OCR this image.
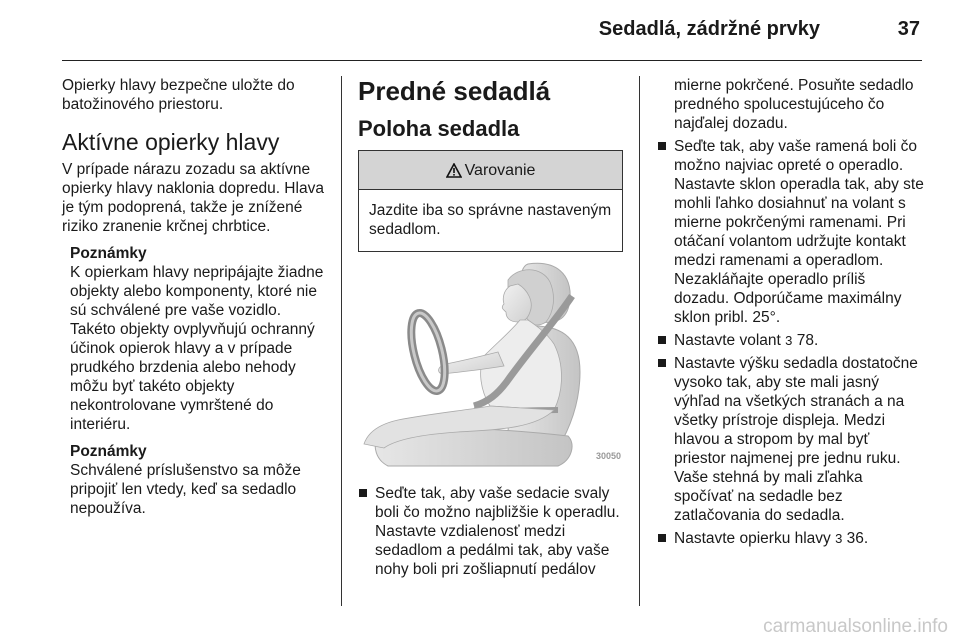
Sedadlá, zádržné prvky	37

Opierky hlavy bezpečne uložte do batožinového priestoru.

Aktívne opierky hlavy

V prípade nárazu zozadu sa aktívne opierky hlavy naklonia dopredu. Hlava je tým podoprená, takže je znížené riziko zranenie krčnej chrbtice.

Poznámky
K opierkam hlavy nepripájajte žiadne objekty alebo komponenty, ktoré nie sú schválené pre vaše vozidlo. Takéto objekty ovplyvňujú ochranný účinok opierok hlavy a v prípade prudkého brzdenia alebo nehody môžu byť takéto objekty nekontrolovane vymrštené do interiéru.
Poznámky
Schválené príslušenstvo sa môže pripojiť len vtedy, keď sa sedadlo nepoužíva.
Predné sedadlá
Poloha sedadla
Varovanie
Jazdite iba so správne nastaveným sedadlom.
30050
Seďte tak, aby vaše sedacie svaly boli čo možno najbližšie k operadlu. Nastavte vzdialenosť medzi sedadlom a pedálmi tak, aby vaše nohy boli pri zošliapnutí pedálov
mierne pokrčené. Posuňte sedadlo predného spolucestujúceho čo najďalej dozadu.
Seďte tak, aby vaše ramená boli čo možno najviac opreté o operadlo. Nastavte sklon operadla tak, aby ste mohli ľahko dosiahnuť na volant s mierne pokrčenými ramenami. Pri otáčaní volantom udržujte kontakt medzi ramenami a operadlom. Nezakláňajte operadlo príliš dozadu. Odporúčame maximálny sklon pribl. 25°.
Nastavte volant 3 78.
Nastavte výšku sedadla dostatočne vysoko tak, aby ste mali jasný výhľad na všetkých stranách a na všetky prístroje displeja. Medzi hlavou a stropom by mal byť priestor najmenej pre jednu ruku. Vaše stehná by mali zľahka spočívať na sedadle bez zatlačovania do sedadla.
Nastavte opierku hlavy 3 36.
carmanualsonline.info
